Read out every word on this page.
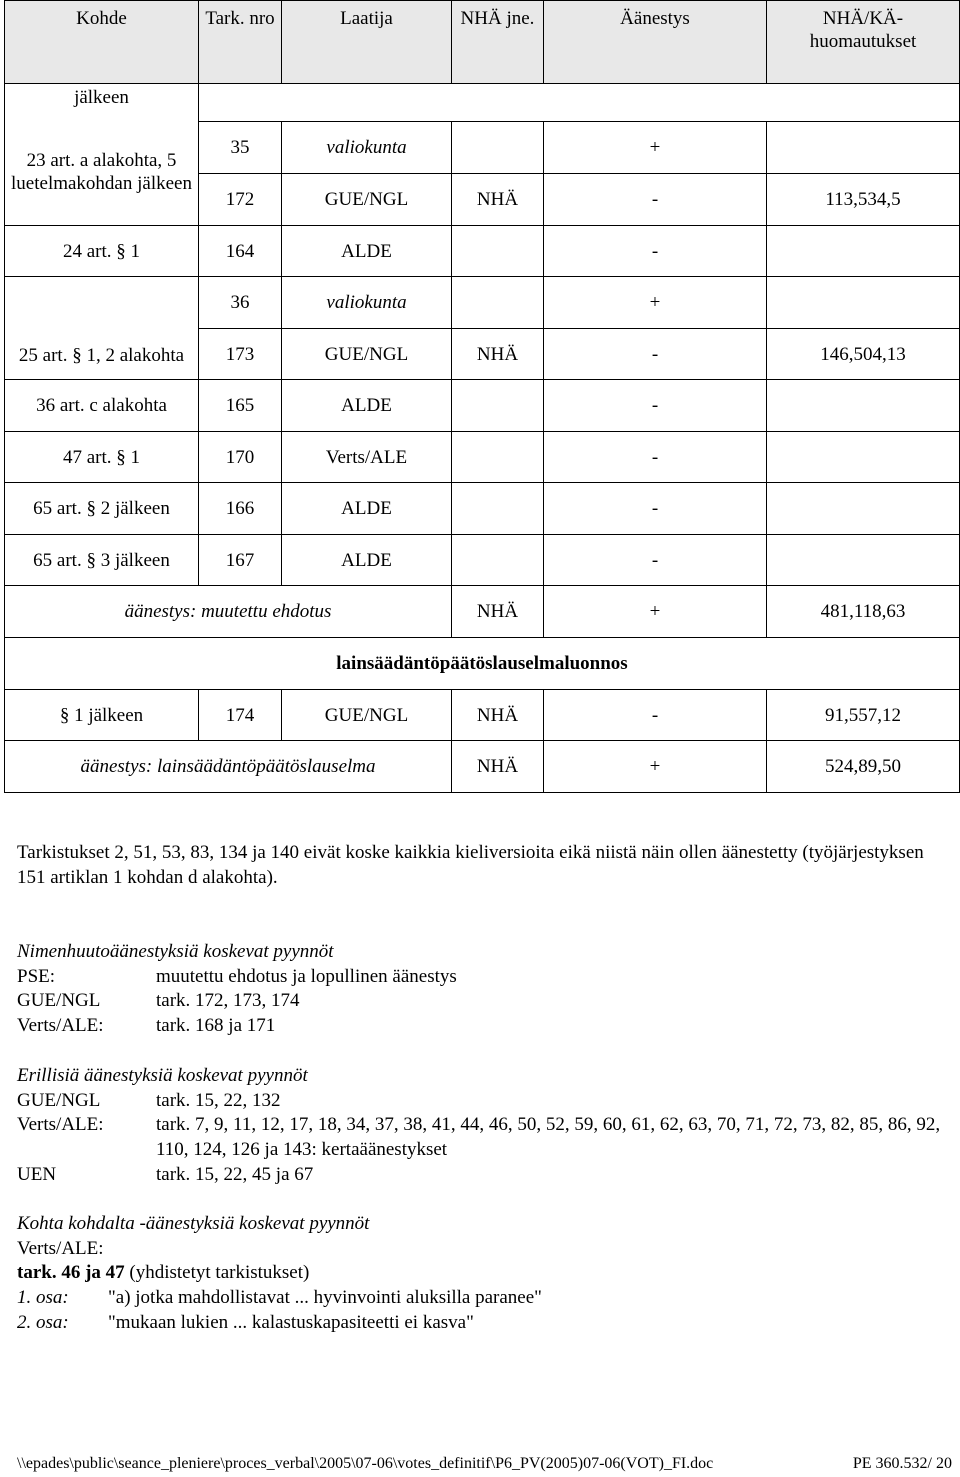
Kohde	Tark. nro	Laatija	NHÄ jne.	Äänestys	NHÄ/KÄ-huomautukset

jälkeen
23 art. a alakohta, 5 luetelmakohdan jälkeen					

	35	valiokunta		+	
	172	GUE/NGL	NHÄ	-	113,534,5
24 art. § 1	164	ALDE		-	
25 art. § 1, 2 alakohta	36	valiokunta		+	
	173	GUE/NGL	NHÄ	-	146,504,13
36 art. c alakohta	165	ALDE		-	
47 art. § 1	170	Verts/ALE		-	
65 art. § 2 jälkeen	166	ALDE		-	
65 art. § 3 jälkeen	167	ALDE		-	
äänestys: muutettu ehdotus			NHÄ	+	481,118,63
lainsäädäntöpäätöslauselmaluonnos					
§ 1 jälkeen	174	GUE/NGL	NHÄ	-	91,557,12
äänestys: lainsäädäntöpäätöslauselma			NHÄ	+	524,89,50
Tarkistukset 2, 51, 53, 83, 134 ja 140 eivät koske kaikkia kieliversioita eikä niistä näin ollen äänestetty (työjärjestyksen 151 artiklan 1 kohdan d alakohta).
Nimenhuutoäänestyksiä koskevat pyynnöt
PSE:	muutettu ehdotus ja lopullinen äänestys
GUE/NGL	tark. 172, 173, 174
Verts/ALE:	tark. 168 ja 171
Erillisiä äänestyksiä koskevat pyynnöt
GUE/NGL	tark. 15, 22, 132
Verts/ALE:	tark. 7, 9, 11, 12, 17, 18, 34, 37, 38, 41, 44, 46, 50, 52, 59, 60, 61, 62, 63, 70, 71, 72, 73, 82, 85, 86, 92, 110, 124, 126 ja 143: kertaäänestykset
UEN	tark. 15, 22, 45 ja 67
Kohta kohdalta -äänestyksiä koskevat pyynnöt
Verts/ALE:
tark. 46 ja 47 (yhdistetyt tarkistukset)
1. osa:	"a) jotka mahdollistavat ... hyvinvointi aluksilla paranee"
2. osa:	"mukaan lukien ... kalastuskapasiteetti ei kasva"
\\epades\public\seance_pleniere\proces_verbal\2005\07-06\votes_definitif\P6_PV(2005)07-06(VOT)_FI.doc	PE 360.532/ 20
